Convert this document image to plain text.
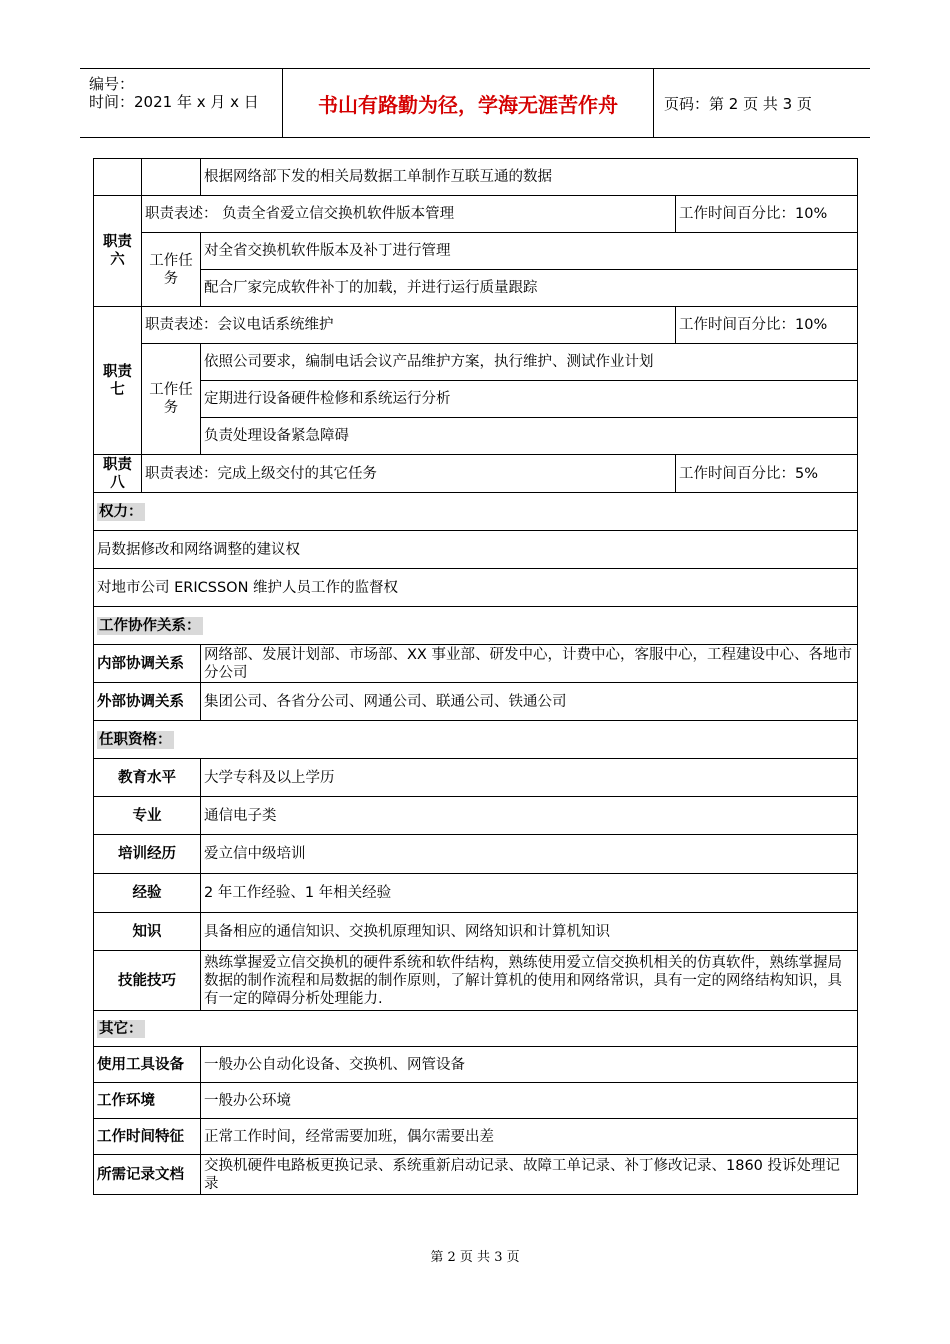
编号：
时间：2021 年 x 月 x 日	书山有路勤为径，学海无涯苦作舟	页码：第 2 页 共 3 页
		根据网络部下发的相关局数据工单制作互联互通的数据	
职责六	职责表述： 负责全省爱立信交换机软件版本管理		工作时间百分比：10%
	工作任务	对全省交换机软件版本及补丁进行管理	
		配合厂家完成软件补丁的加载，并进行运行质量跟踪	
职责七	职责表述：会议电话系统维护		工作时间百分比：10%
	工作任务	依照公司要求，编制电话会议产品维护方案，执行维护、测试作业计划	
		定期进行设备硬件检修和系统运行分析	
		负责处理设备紧急障碍	
职责八	职责表述：完成上级交付的其它任务		工作时间百分比：5%
权力：			
局数据修改和网络调整的建议权			
对地市公司 ERICSSON 维护人员工作的监督权			
工作协作关系：			
内部协调关系		网络部、发展计划部、市场部、XX 事业部、研发中心，计费中心，客服中心，工程建设中心、各地市分公司	
外部协调关系		集团公司、各省分公司、网通公司、联通公司、铁通公司	
任职资格：			
教育水平		大学专科及以上学历	
专业		通信电子类	
培训经历		爱立信中级培训	
经验		2 年工作经验、1 年相关经验	
知识		具备相应的通信知识、交换机原理知识、网络知识和计算机知识	
技能技巧		熟练掌握爱立信交换机的硬件系统和软件结构，熟练使用爱立信交换机相关的仿真软件，熟练掌握局数据的制作流程和局数据的制作原则，了解计算机的使用和网络常识，具有一定的网络结构知识，具有一定的障碍分析处理能力.	
其它：			
使用工具设备		一般办公自动化设备、交换机、网管设备	
工作环境		一般办公环境	
工作时间特征		正常工作时间，经常需要加班，偶尔需要出差	
所需记录文档		交换机硬件电路板更换记录、系统重新启动记录、故障工单记录、补丁修改记录、1860 投诉处理记录	
第 2 页 共 3 页
